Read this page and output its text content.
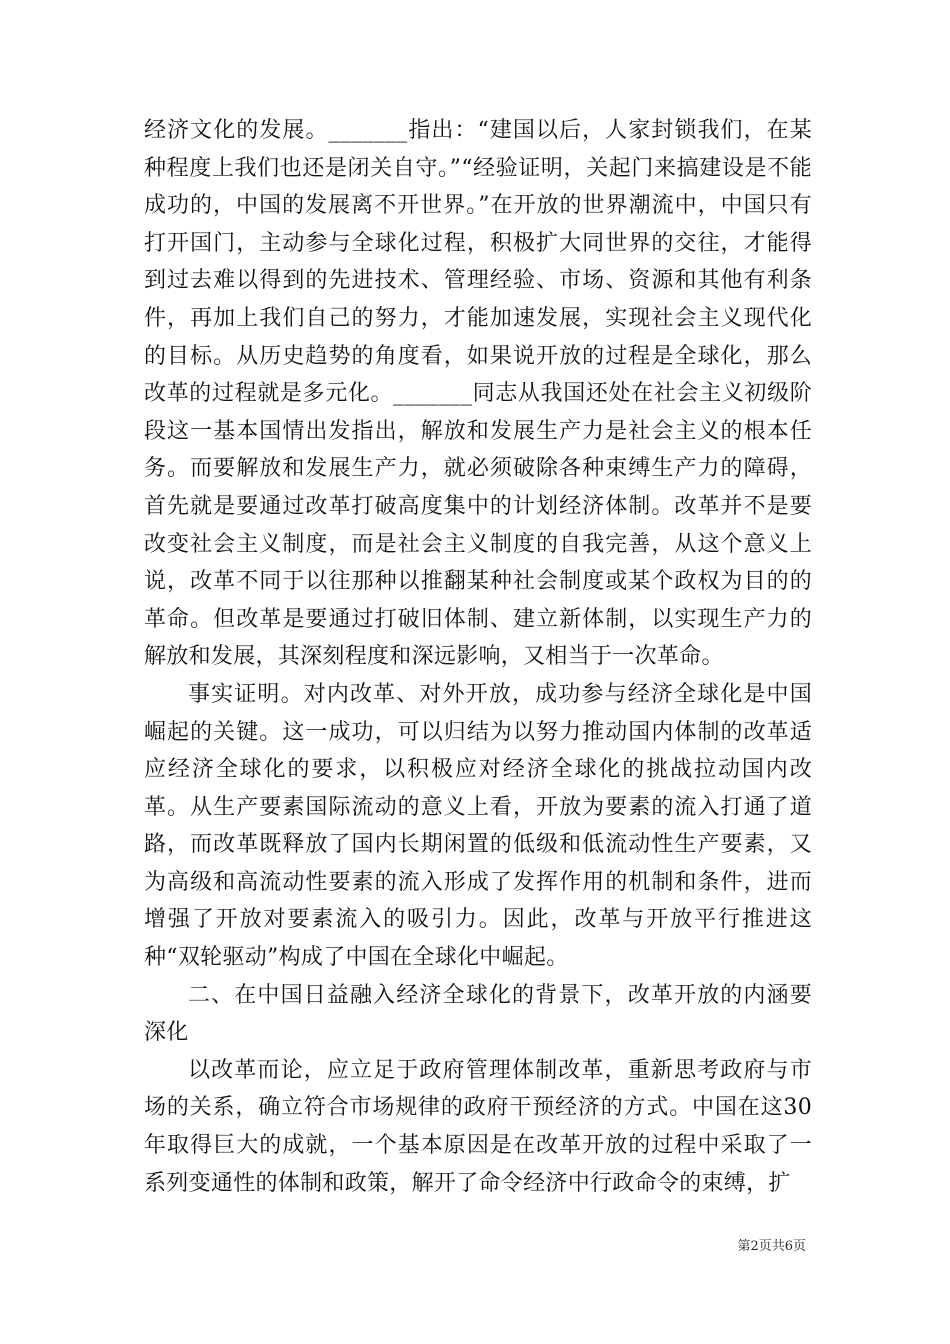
经济文化的发展。_______指出：“建国以后，人家封锁我们，在某种程度上我们也还是闭关自守。”“经验证明，关起门来搞建设是不能成功的，中国的发展离不开世界。”在开放的世界潮流中，中国只有打开国门，主动参与全球化过程，积极扩大同世界的交往，才能得到过去难以得到的先进技术、管理经验、市场、资源和其他有利条件，再加上我们自己的努力，才能加速发展，实现社会主义现代化的目标。从历史趋势的角度看，如果说开放的过程是全球化，那么改革的过程就是多元化。_______同志从我国还处在社会主义初级阶段这一基本国情出发指出，解放和发展生产力是社会主义的根本任务。而要解放和发展生产力，就必须破除各种束缚生产力的障碍，首先就是要通过改革打破高度集中的计划经济体制。改革并不是要改变社会主义制度，而是社会主义制度的自我完善，从这个意义上说，改革不同于以往那种以推翻某种社会制度或某个政权为目的的革命。但改革是要通过打破旧体制、建立新体制，以实现生产力的解放和发展，其深刻程度和深远影响，又相当于一次革命。

事实证明。对内改革、对外开放，成功参与经济全球化是中国崛起的关键。这一成功，可以归结为以努力推动国内体制的改革适应经济全球化的要求，以积极应对经济全球化的挑战拉动国内改革。从生产要素国际流动的意义上看，开放为要素的流入打通了道路，而改革既释放了国内长期闲置的低级和低流动性生产要素，又为高级和高流动性要素的流入形成了发挥作用的机制和条件，进而增强了开放对要素流入的吸引力。因此，改革与开放平行推进这种“双轮驱动”构成了中国在全球化中崛起。

二、在中国日益融入经济全球化的背景下，改革开放的内涵要深化

以改革而论，应立足于政府管理体制改革，重新思考政府与市场的关系，确立符合市场规律的政府干预经济的方式。中国在这30年取得巨大的成就，一个基本原因是在改革开放的过程中采取了一系列变通性的体制和政策，解开了命令经济中行政命令的束缚，扩

第2页共6页
